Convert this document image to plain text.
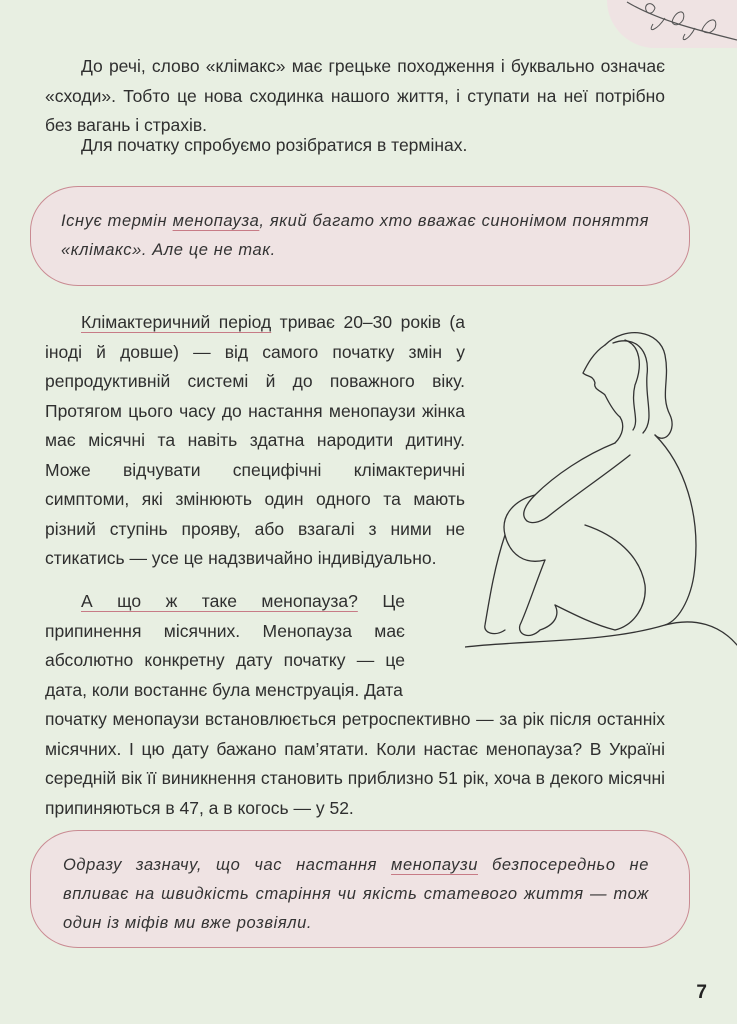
До речі, слово «клімакс» має грецьке походження і буквально означає «сходи». Тобто це нова сходинка нашого життя, і ступати на неї потрібно без вагань і страхів.

Для початку спробуємо розібратися в термінах.

Існує термін менопауза, який багато хто вважає синонімом поняття «клімакс». Але це не так.

Клімактеричний період триває 20–30 років (а іноді й довше) — від самого початку змін у репродуктивній системі й до поважного віку. Протягом цього часу до настання менопаузи жінка має місячні та навіть здатна народити дитину. Може відчувати специфічні клімактеричні симптоми, які змінюють один одного та мають різний ступінь прояву, або взагалі з ними не стикатись — усе це надзвичайно індивідуально.

А що ж таке менопауза? Це припинення місячних. Менопауза має абсолютно конкретну дату початку — це дата, коли востаннє була менструація. Дата

початку менопаузи встановлюється ретроспективно — за рік після останніх місячних. І цю дату бажано пам’ятати. Коли настає менопауза? В Україні середній вік її виникнення становить приблизно 51 рік, хоча в декого місячні припиняються в 47, а в когось — у 52.

Одразу зазначу, що час настання менопаузи безпосередньо не впливає на швидкість старіння чи якість статевого життя — тож один із міфів ми вже розвіяли.

7
